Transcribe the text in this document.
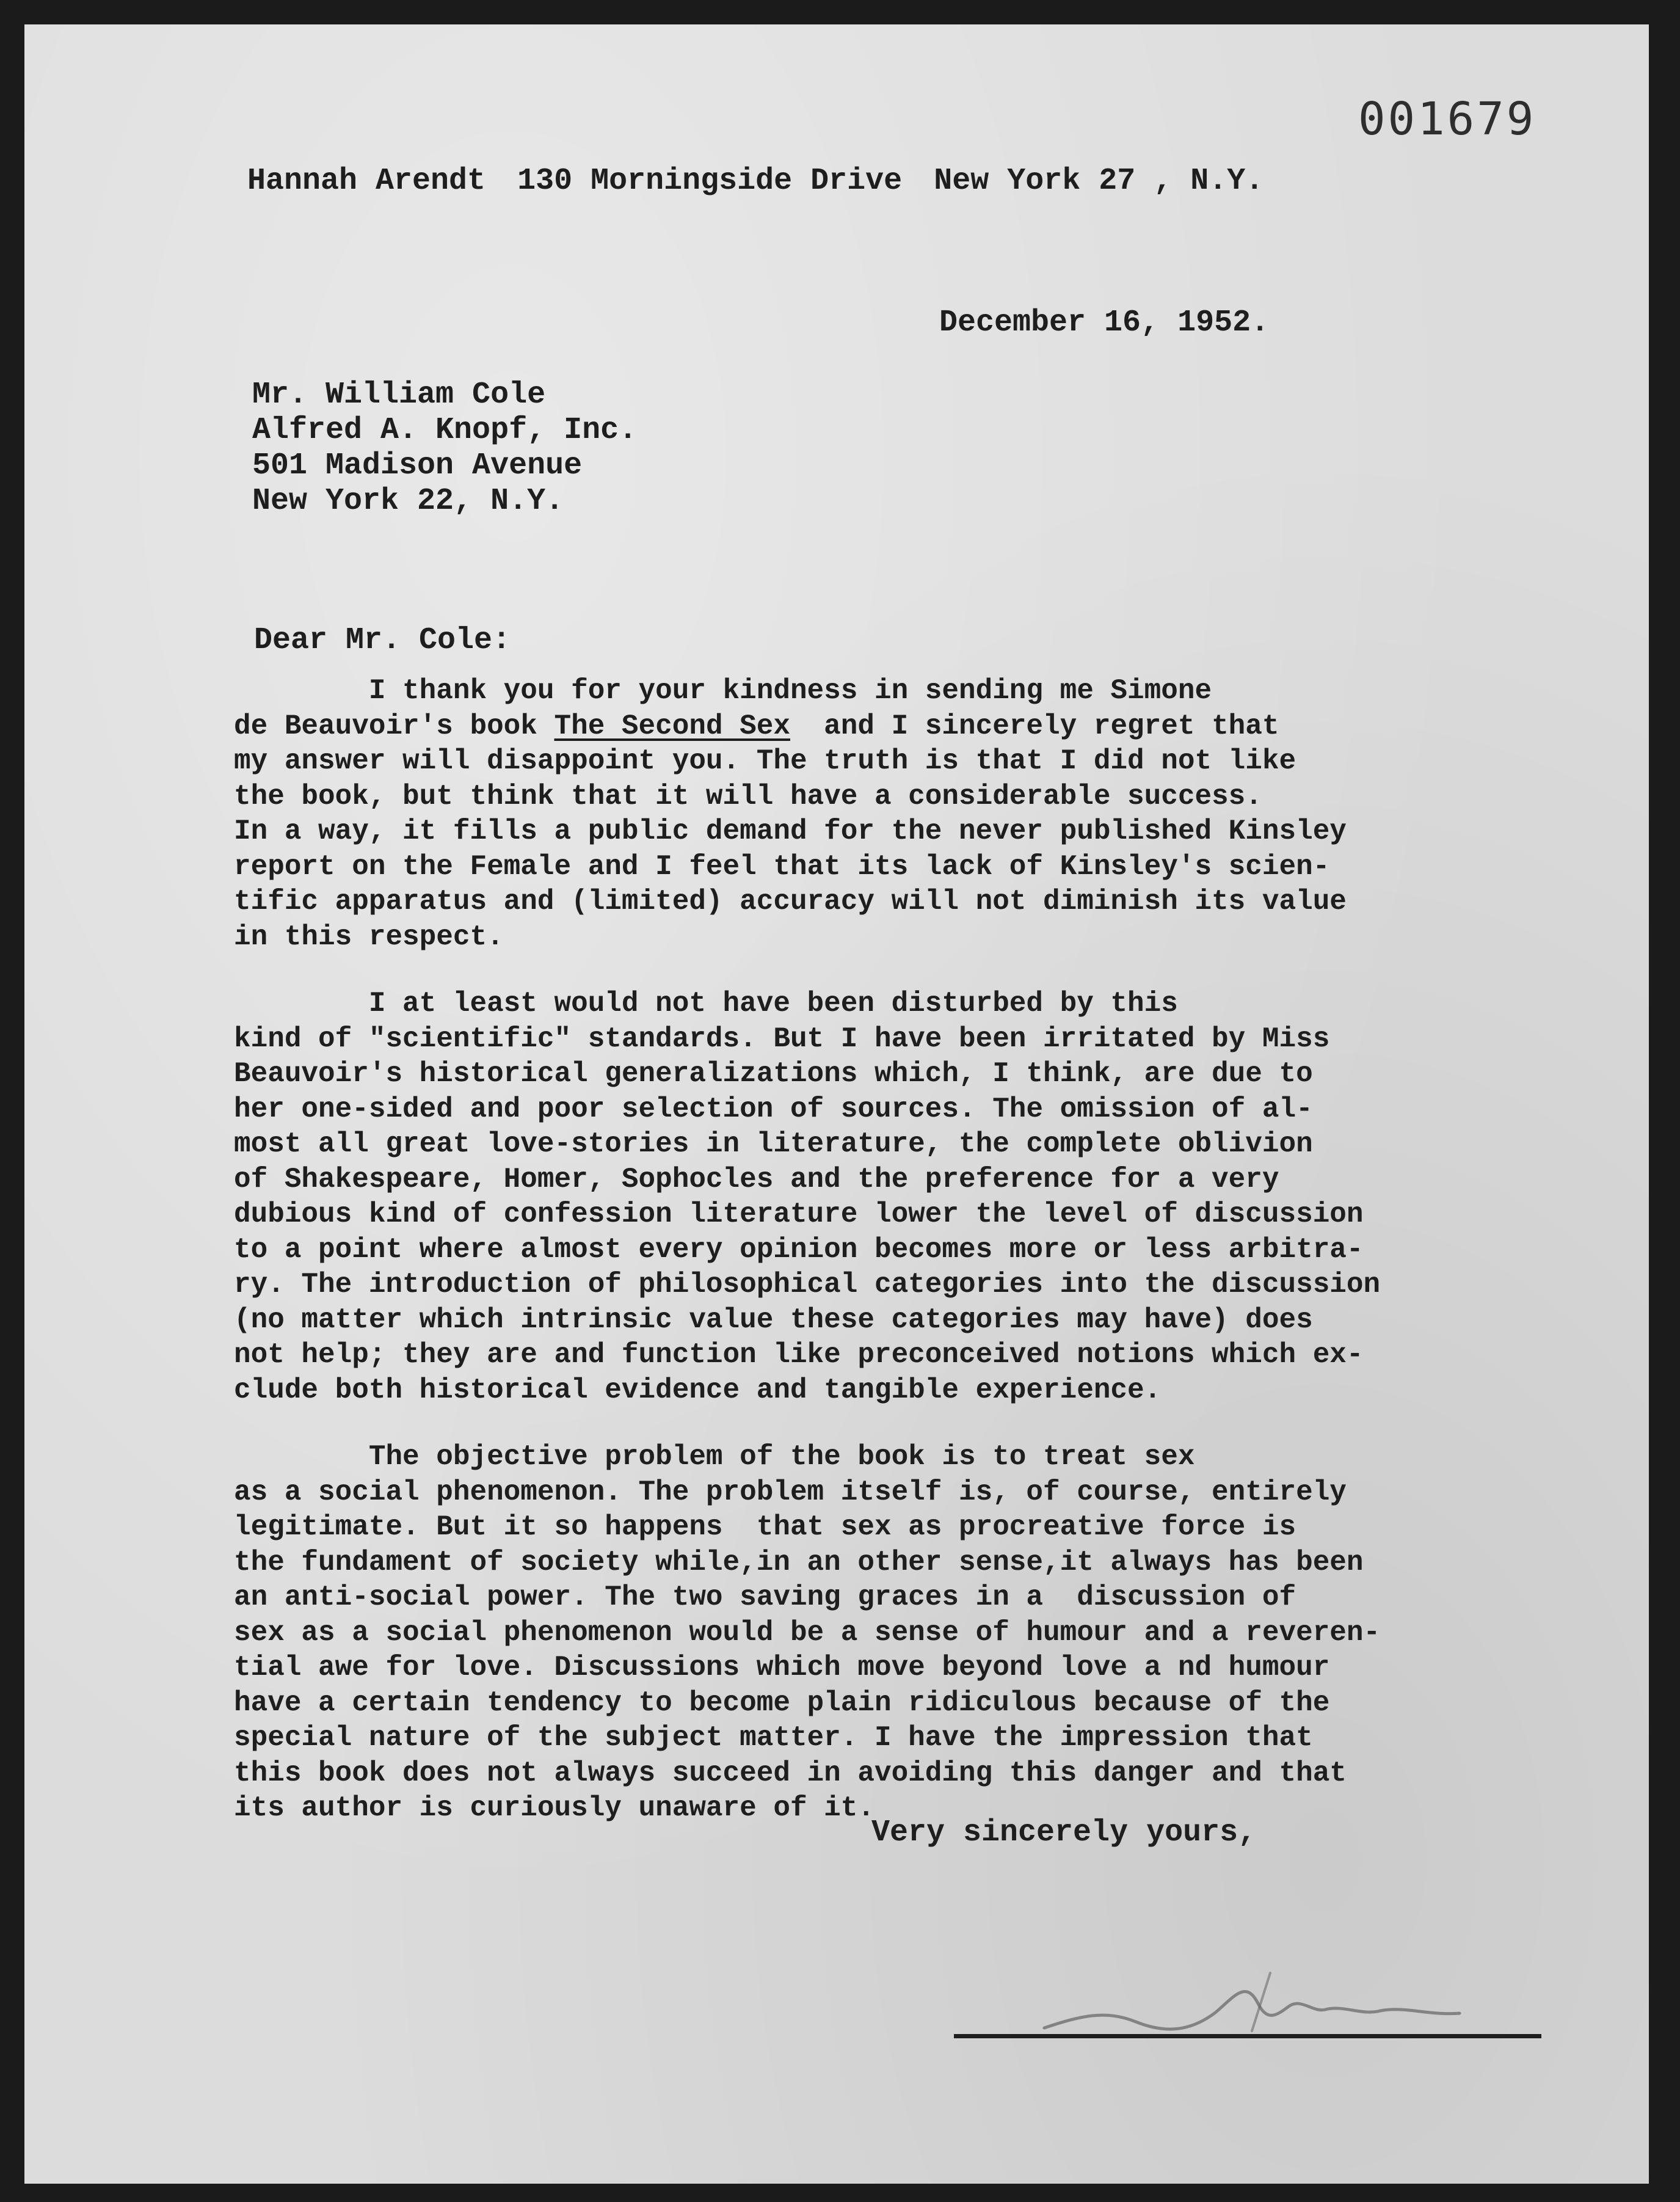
001679
Hannah Arendt 130 Morningside Drive New York 27 , N.Y.
December 16, 1952.
Mr. William Cole
Alfred A. Knopf, Inc.
501 Madison Avenue
New York 22, N.Y.
Dear Mr. Cole:
I thank you for your kindness in sending me Simone
de Beauvoir's book The Second Sex  and I sincerely regret that
my answer will disappoint you. The truth is that I did not like
the book, but think that it will have a considerable success.
In a way, it fills a public demand for the never published Kinsley
report on the Female and I feel that its lack of Kinsley's scien-
tific apparatus and (limited) accuracy will not diminish its value
in this respect.
I at least would not have been disturbed by this
kind of "scientific" standards. But I have been irritated by Miss
Beauvoir's historical generalizations which, I think, are due to
her one-sided and poor selection of sources. The omission of al-
most all great love-stories in literature, the complete oblivion
of Shakespeare, Homer, Sophocles and the preference for a very
dubious kind of confession literature lower the level of discussion
to a point where almost every opinion becomes more or less arbitra-
ry. The introduction of philosophical categories into the discussion
(no matter which intrinsic value these categories may have) does
not help; they are and function like preconceived notions which ex-
clude both historical evidence and tangible experience.
The objective problem of the book is to treat sex
as a social phenomenon. The problem itself is, of course, entirely
legitimate. But it so happens  that sex as procreative force is
the fundament of society while,in an other sense,it always has been
an anti-social power. The two saving graces in a  discussion of
sex as a social phenomenon would be a sense of humour and a reveren-
tial awe for love. Discussions which move beyond love a nd humour
have a certain tendency to become plain ridiculous because of the
special nature of the subject matter. I have the impression that
this book does not always succeed in avoiding this danger and that
its author is curiously unaware of it.
Very sincerely yours,
